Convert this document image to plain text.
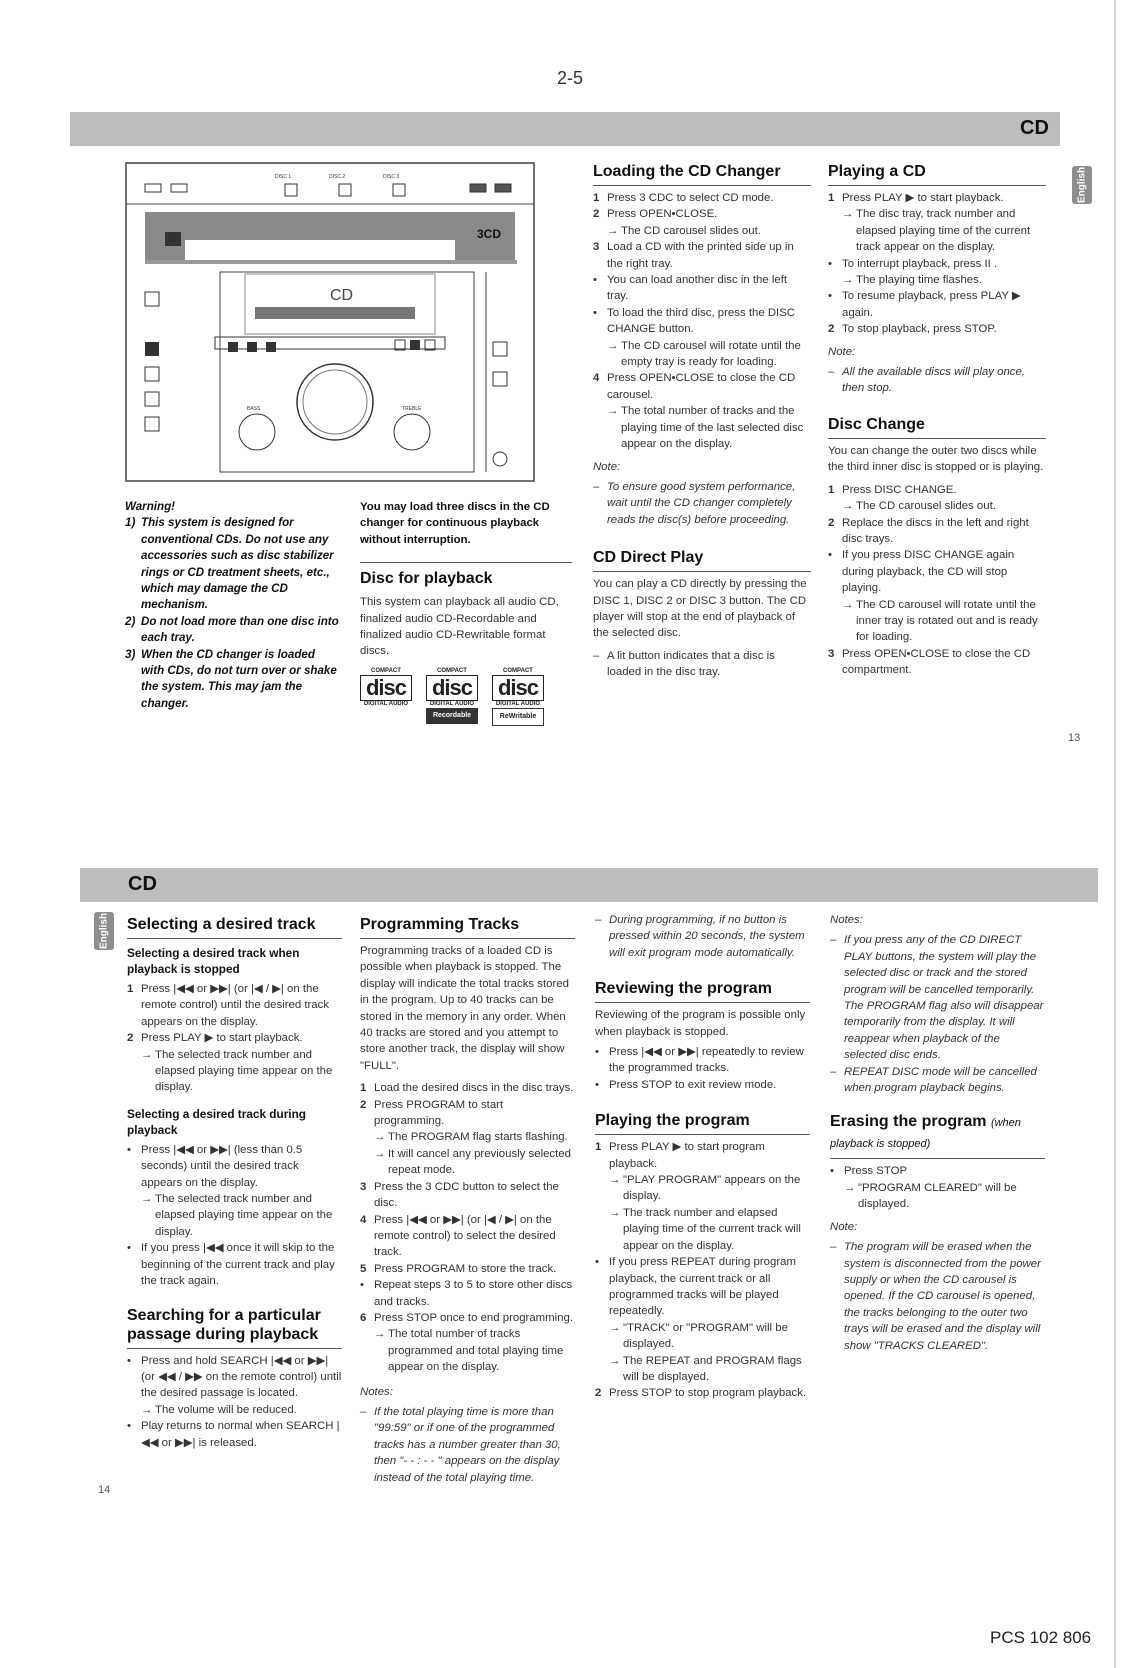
2-5
CD
English
DISC 1	DISC 2	DISC 3
3CD
CD
BASS	TREBLE
Warning!
1) This system is designed for conventional CDs. Do not use any accessories such as disc stabilizer rings or CD treatment sheets, etc., which may damage the CD mechanism.
2) Do not load more than one disc into each tray.
3) When the CD changer is loaded with CDs, do not turn over or shake the system. This may jam the changer.

You may load three discs in the CD changer for continuous playback without interruption.

Disc for playback

This system can playback all audio CD, finalized audio CD-Recordable and finalized audio CD-Rewritable format discs.

COMPACT
disc
DIGITAL AUDIO
COMPACT
disc
DIGITAL AUDIO
Recordable
COMPACT
disc
DIGITAL AUDIO
ReWritable
Loading the CD Changer
1 Press 3 CDC to select CD mode.
2 Press OPEN•CLOSE.
→ The CD carousel slides out.
3 Load a CD with the printed side up in the right tray.
• You can load another disc in the left tray.
• To load the third disc, press the DISC CHANGE button.
→ The CD carousel will rotate until the empty tray is ready for loading.
4 Press OPEN•CLOSE to close the CD carousel.
→ The total number of tracks and the playing time of the last selected disc appear on the display.

Note:

– To ensure good system performance, wait until the CD changer completely reads the disc(s) before proceeding.
CD Direct Play

You can play a CD directly by pressing the DISC 1, DISC 2 or DISC 3 button. The CD player will stop at the end of playback of the selected disc.

– A lit button indicates that a disc is loaded in the disc tray.
Playing a CD
1 Press PLAY ▶ to start playback.
→ The disc tray, track number and elapsed playing time of the current track appear on the display.
• To interrupt playback, press II .
→ The playing time flashes.
• To resume playback, press PLAY ▶ again.
2 To stop playback, press STOP.

Note:

– All the available discs will play once, then stop.
Disc Change

You can change the outer two discs while the third inner disc is stopped or is playing.

1 Press DISC CHANGE.
→ The CD carousel slides out.
2 Replace the discs in the left and right disc trays.
• If you press DISC CHANGE again during playback, the CD will stop playing.
→ The CD carousel will rotate until the inner tray is rotated out and is ready for loading.
3 Press OPEN•CLOSE to close the CD compartment.
13
CD
English Selecting a desired track
Selecting a desired track when playback is stopped
1 Press |◀◀ or ▶▶| (or |◀ / ▶| on the remote control) until the desired track appears on the display.
2 Press PLAY ▶ to start playback.
→ The selected track number and elapsed playing time appear on the display.
Selecting a desired track during playback
• Press |◀◀ or ▶▶| (less than 0.5 seconds) until the desired track appears on the display.
→ The selected track number and elapsed playing time appear on the display.
• If you press |◀◀ once it will skip to the beginning of the current track and play the track again.
Searching for a particular passage during playback
• Press and hold SEARCH |◀◀ or ▶▶| (or ◀◀ / ▶▶ on the remote control) until the desired passage is located.
→ The volume will be reduced.
• Play returns to normal when SEARCH |◀◀ or ▶▶| is released.
Programming Tracks

Programming tracks of a loaded CD is possible when playback is stopped. The display will indicate the total tracks stored in the program. Up to 40 tracks can be stored in the memory in any order. When 40 tracks are stored and you attempt to store another track, the display will show "FULL".

1 Load the desired discs in the disc trays.
2 Press PROGRAM to start programming.
→ The PROGRAM flag starts flashing.
→ It will cancel any previously selected repeat mode.
3 Press the 3 CDC button to select the disc.
4 Press |◀◀ or ▶▶| (or |◀ / ▶| on the remote control) to select the desired track.
5 Press PROGRAM to store the track.
• Repeat steps 3 to 5 to store other discs and tracks.
6 Press STOP once to end programming.
→ The total number of tracks programmed and total playing time appear on the display.

Notes:

– If the total playing time is more than "99:59" or if one of the programmed tracks has a number greater than 30, then "- - : - - " appears on the display instead of the total playing time.
– During programming, if no button is pressed within 20 seconds, the system will exit program mode automatically.
Reviewing the program

Reviewing of the program is possible only when playback is stopped.

• Press |◀◀ or ▶▶| repeatedly to review the programmed tracks.
• Press STOP to exit review mode.
Playing the program
1 Press PLAY ▶ to start program playback.
→ "PLAY PROGRAM" appears on the display.
→ The track number and elapsed playing time of the current track will appear on the display.
• If you press REPEAT during program playback, the current track or all programmed tracks will be played repeatedly.
→ "TRACK" or "PROGRAM" will be displayed.
→ The REPEAT and PROGRAM flags will be displayed.
2 Press STOP to stop program playback.

Notes:

– If you press any of the CD DIRECT PLAY buttons, the system will play the selected disc or track and the stored program will be cancelled temporarily. The PROGRAM flag also will disappear temporarily from the display. It will reappear when playback of the selected disc ends.
– REPEAT DISC mode will be cancelled when program playback begins.
Erasing the program (when playback is stopped)
• Press STOP
→ "PROGRAM CLEARED" will be displayed.

Note:

– The program will be erased when the system is disconnected from the power supply or when the CD carousel is opened. If the CD carousel is opened, the tracks belonging to the outer two trays will be erased and the display will show "TRACKS CLEARED".
14
PCS 102 806
